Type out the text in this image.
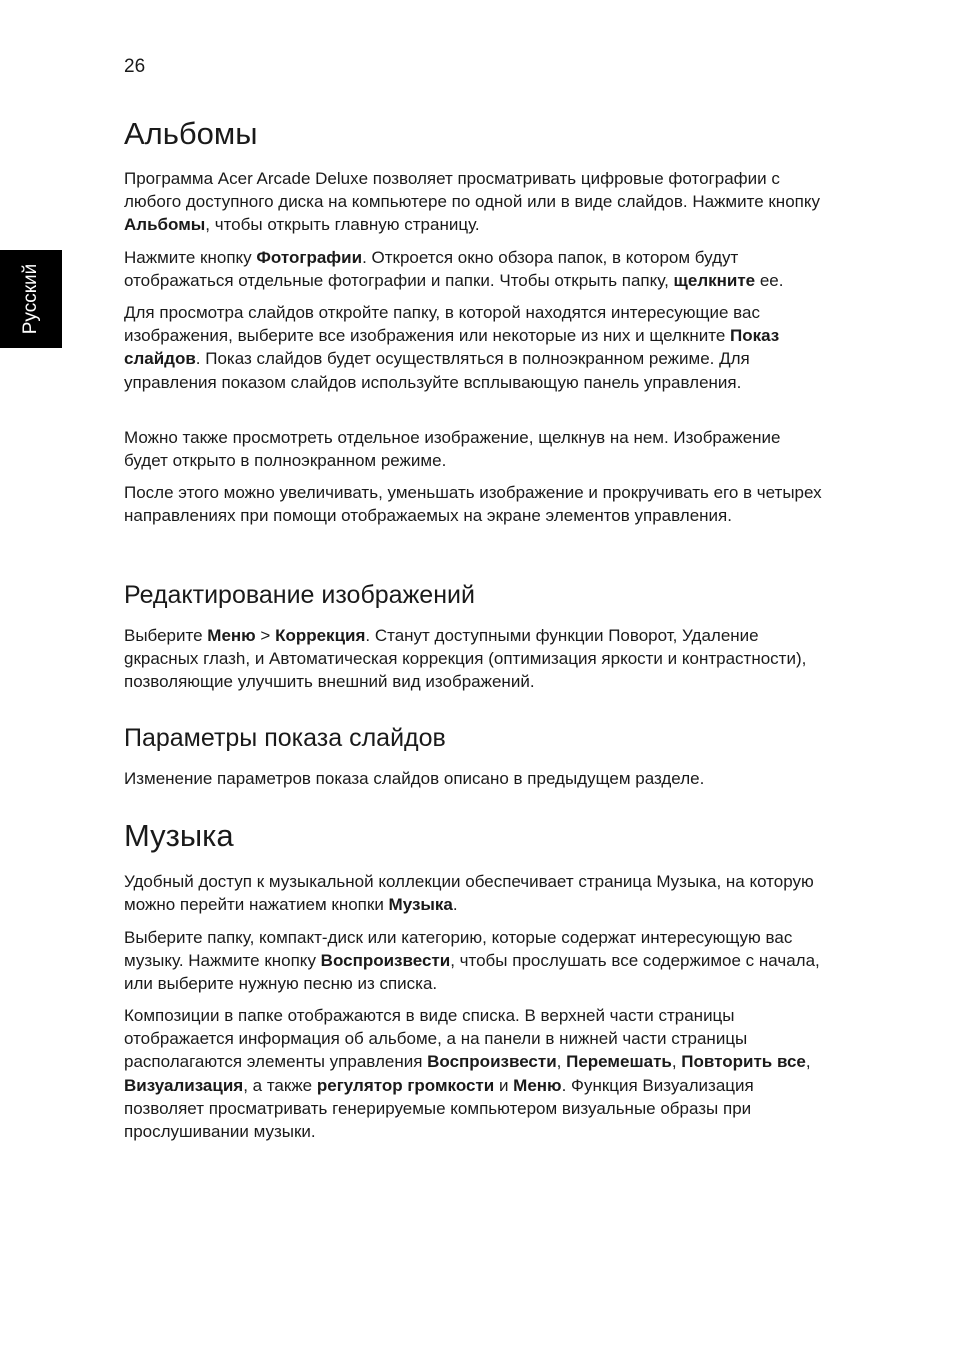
26
Русский
Альбомы

Программа Acer Arcade Deluxe позволяет просматривать цифровые фотографии с любого доступного диска на компьютере по одной или в виде слайдов. Нажмите кнопку Альбомы, чтобы открыть главную страницу.

Нажмите кнопку Фотографии. Откроется окно обзора папок, в котором будут отображаться отдельные фотографии и папки. Чтобы открыть папку, щелкните ее.

Для просмотра слайдов откройте папку, в которой находятся интересующие вас изображения, выберите все изображения или некоторые из них и щелкните Показ слайдов. Показ слайдов будет осуществляться в полноэкранном режиме. Для управления показом слайдов используйте всплывающую панель управления.

Можно также просмотреть отдельное изображение, щелкнув на нем. Изображение будет открыто в полноэкранном режиме.

После этого можно увеличивать, уменьшать изображение и прокручивать его в четырех направлениях при помощи отображаемых на экране элементов управления.

Редактирование изображений

Выберите Меню > Коррекция. Станут доступными функции Поворот, Удаление gкрасных глазh, и Автоматическая коррекция (оптимизация яркости и контрастности), позволяющие улучшить внешний вид изображений.

Параметры показа слайдов

Изменение параметров показа слайдов описано в предыдущем разделе.

Музыка

Удобный доступ к музыкальной коллекции обеспечивает страница Музыка, на которую можно перейти нажатием кнопки Музыка.

Выберите папку, компакт-диск или категорию, которые содержат интересующую вас музыку. Нажмите кнопку Воспроизвести, чтобы прослушать все содержимое с начала, или выберите нужную песню из списка.

Композиции в папке отображаются в виде списка. В верхней части страницы отображается информация об альбоме, а на панели в нижней части страницы располагаются элементы управления Воспроизвести, Перемешать, Повторить все, Визуализация, а также регулятор громкости и Меню. Функция Визуализация позволяет просматривать генерируемые компьютером визуальные образы при прослушивании музыки.
